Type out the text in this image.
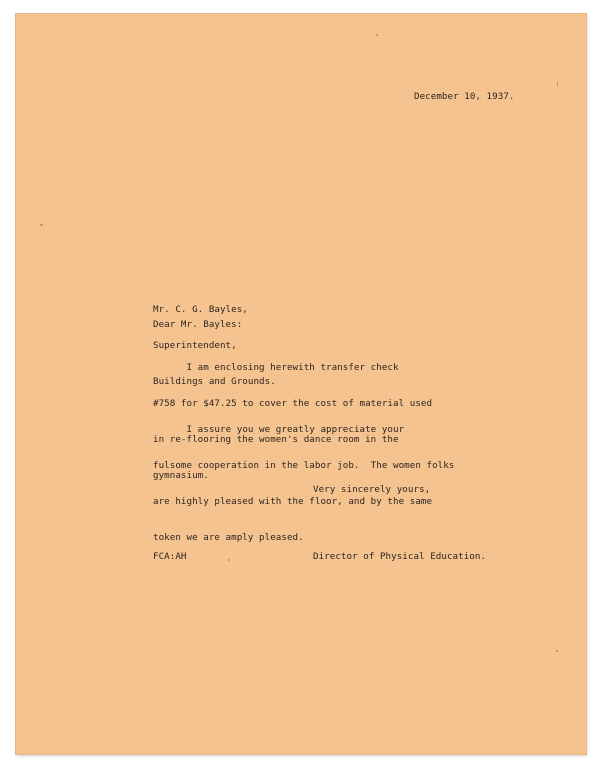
December 10, 1937.

Mr. C. G. Bayles,

Superintendent,

Buildings and Grounds.

Dear Mr. Bayles:

I am enclosing herewith transfer check

#758 for $47.25 to cover the cost of material used

in re-flooring the women's dance room in the

gymnasium.

I assure you we greatly appreciate your

fulsome cooperation in the labor job.  The women folks

are highly pleased with the floor, and by the same

token we are amply pleased.

Very sincerely yours,
FCA:AH	Director of Physical Education.
